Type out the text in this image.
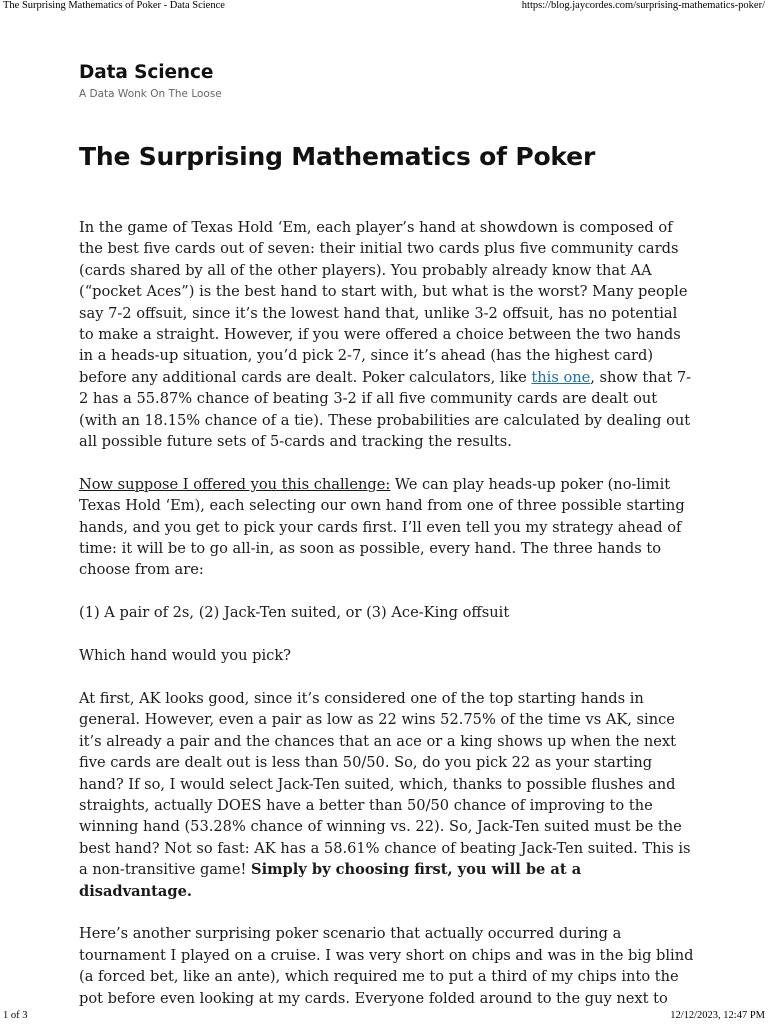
The Surprising Mathematics of Poker - Data Science	https://blog.jaycordes.com/surprising-mathematics-poker/
Data Science

A Data Wonk On The Loose

The Surprising Mathematics of Poker

In the game of Texas Hold ‘Em, each player’s hand at showdown is composed of the best five cards out of seven: their initial two cards plus five community cards (cards shared by all of the other players). You probably already know that AA (“pocket Aces”) is the best hand to start with, but what is the worst? Many people say 7-2 offsuit, since it’s the lowest hand that, unlike 3-2 offsuit, has no potential to make a straight. However, if you were offered a choice between the two hands in a heads-up situation, you’d pick 2-7, since it’s ahead (has the highest card) before any additional cards are dealt. Poker calculators, like this one, show that 7-2 has a 55.87% chance of beating 3-2 if all five community cards are dealt out (with an 18.15% chance of a tie). These probabilities are calculated by dealing out all possible future sets of 5-cards and tracking the results.

Now suppose I offered you this challenge: We can play heads-up poker (no-limit Texas Hold ‘Em), each selecting our own hand from one of three possible starting hands, and you get to pick your cards first. I’ll even tell you my strategy ahead of time: it will be to go all-in, as soon as possible, every hand. The three hands to choose from are:

(1) A pair of 2s, (2) Jack-Ten suited, or (3) Ace-King offsuit

Which hand would you pick?

At first, AK looks good, since it’s considered one of the top starting hands in general. However, even a pair as low as 22 wins 52.75% of the time vs AK, since it’s already a pair and the chances that an ace or a king shows up when the next five cards are dealt out is less than 50/50. So, do you pick 22 as your starting hand? If so, I would select Jack-Ten suited, which, thanks to possible flushes and straights, actually DOES have a better than 50/50 chance of improving to the winning hand (53.28% chance of winning vs. 22). So, Jack-Ten suited must be the best hand? Not so fast: AK has a 58.61% chance of beating Jack-Ten suited. This is a non-transitive game! Simply by choosing first, you will be at a disadvantage.

Here’s another surprising poker scenario that actually occurred during a tournament I played on a cruise. I was very short on chips and was in the big blind (a forced bet, like an ante), which required me to put a third of my chips into the pot before even looking at my cards. Everyone folded around to the guy next to

1 of 3	12/12/2023, 12:47 PM
